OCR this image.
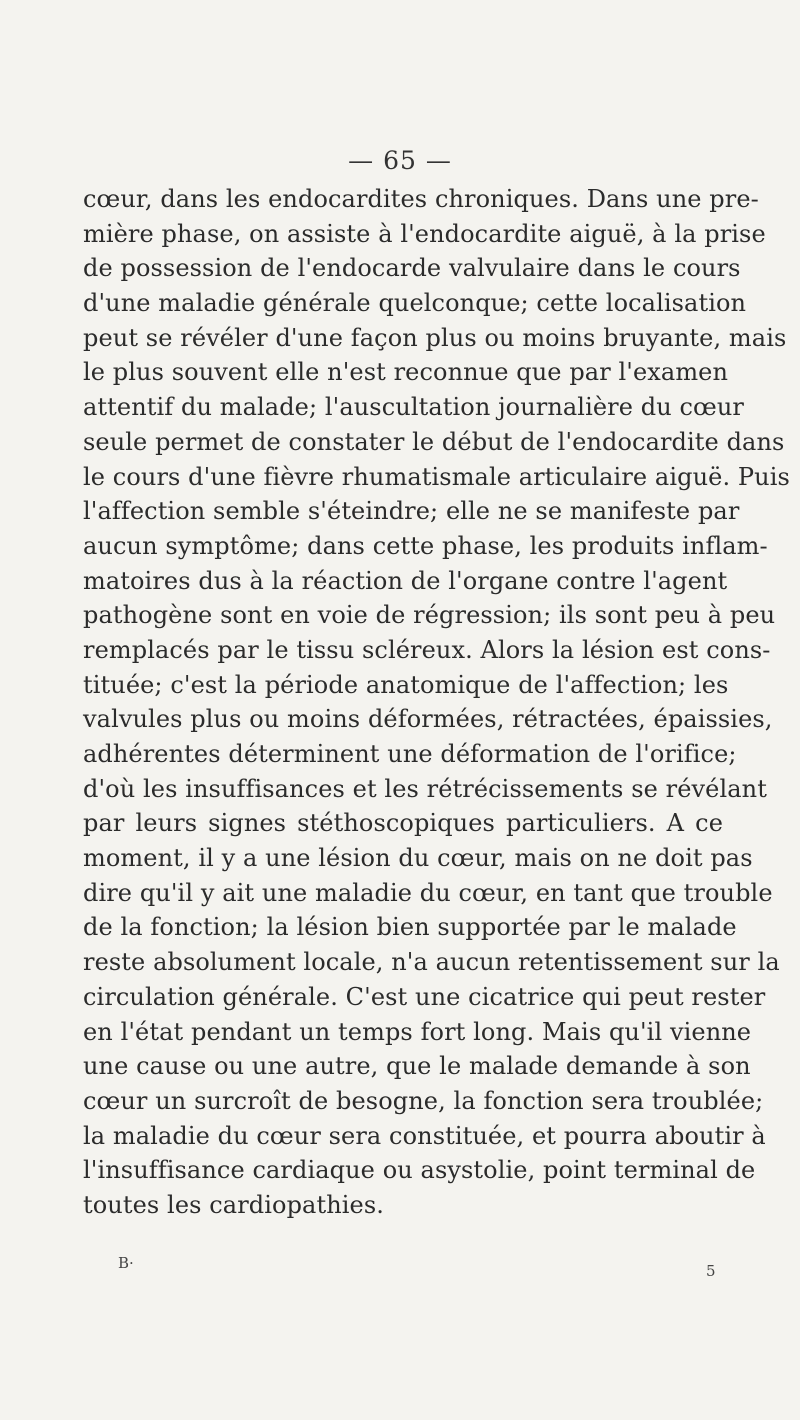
— 65 —
cœur, dans les endocardites chroniques. Dans une pre-
mière phase, on assiste à l'endocardite aiguë, à la prise
de possession de l'endocarde valvulaire dans le cours
d'une maladie générale quelconque; cette localisation
peut se révéler d'une façon plus ou moins bruyante, mais
le plus souvent elle n'est reconnue que par l'examen
attentif du malade; l'auscultation journalière du cœur
seule permet de constater le début de l'endocardite dans
le cours d'une fièvre rhumatismale articulaire aiguë. Puis
l'affection semble s'éteindre; elle ne se manifeste par
aucun symptôme; dans cette phase, les produits inflam-
matoires dus à la réaction de l'organe contre l'agent
pathogène sont en voie de régression; ils sont peu à peu
remplacés par le tissu scléreux. Alors la lésion est cons-
tituée; c'est la période anatomique de l'affection; les
valvules plus ou moins déformées, rétractées, épaissies,
adhérentes déterminent une déformation de l'orifice;
d'où les insuffisances et les rétrécissements se révélant
par leurs signes stéthoscopiques particuliers. A ce
moment, il y a une lésion du cœur, mais on ne doit pas
dire qu'il y ait une maladie du cœur, en tant que trouble
de la fonction; la lésion bien supportée par le malade
reste absolument locale, n'a aucun retentissement sur la
circulation générale. C'est une cicatrice qui peut rester
en l'état pendant un temps fort long. Mais qu'il vienne
une cause ou une autre, que le malade demande à son
cœur un surcroît de besogne, la fonction sera troublée;
la maladie du cœur sera constituée, et pourra aboutir à
l'insuffisance cardiaque ou asystolie, point terminal de
toutes les cardiopathies.
B·	5
